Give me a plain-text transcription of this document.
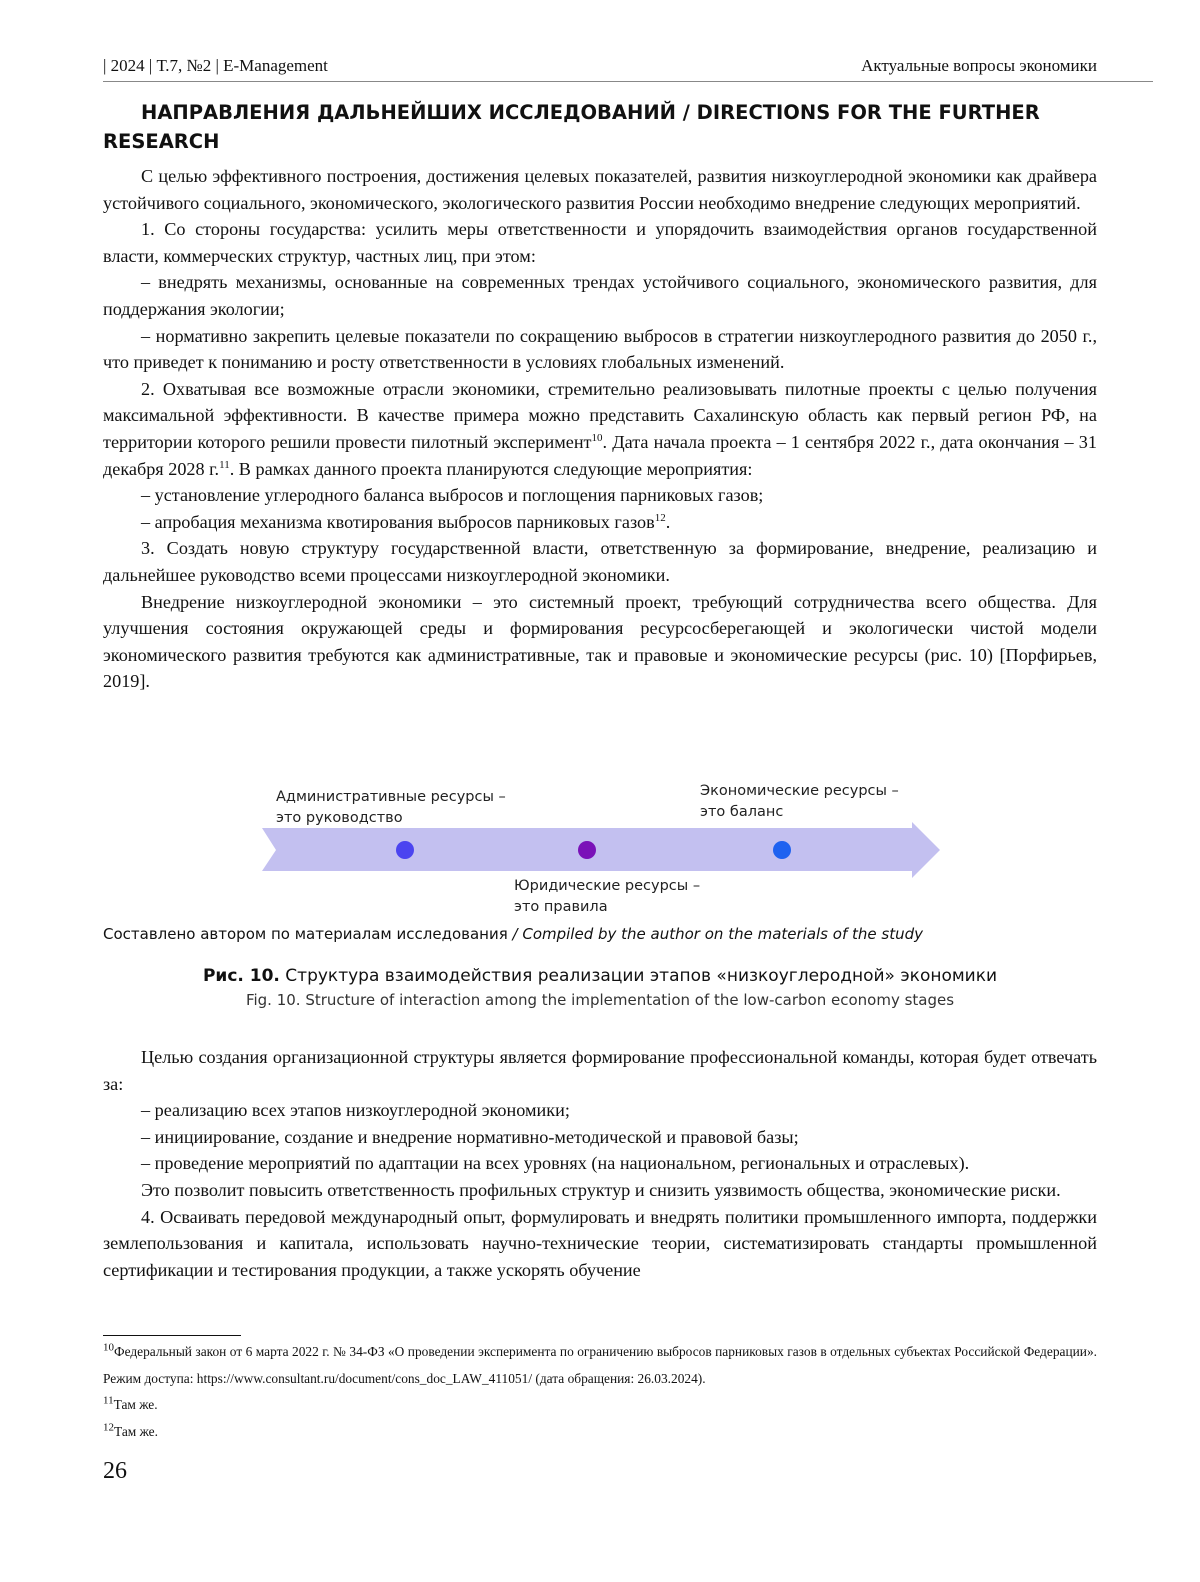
| 2024 | Т.7, №2 | E-Management	Актуальные вопросы экономики
НАПРАВЛЕНИЯ ДАЛЬНЕЙШИХ ИССЛЕДОВАНИЙ / DIRECTIONS FOR THE FURTHER RESEARCH

С целью эффективного построения, достижения целевых показателей, развития низкоуглеродной экономики как драйвера устойчивого социального, экономического, экологического развития России необходимо внедрение следующих мероприятий.

1. Со стороны государства: усилить меры ответственности и упорядочить взаимодействия органов государственной власти, коммерческих структур, частных лиц, при этом:

– внедрять механизмы, основанные на современных трендах устойчивого социального, экономического развития, для поддержания экологии;

– нормативно закрепить целевые показатели по сокращению выбросов в стратегии низкоуглеродного развития до 2050 г., что приведет к пониманию и росту ответственности в условиях глобальных изменений.

2. Охватывая все возможные отрасли экономики, стремительно реализовывать пилотные проекты с целью получения максимальной эффективности. В качестве примера можно представить Сахалинскую область как первый регион РФ, на территории которого решили провести пилотный эксперимент10. Дата начала проекта – 1 сентября 2022 г., дата окончания – 31 декабря 2028 г.11. В рамках данного проекта планируются следующие мероприятия:

– установление углеродного баланса выбросов и поглощения парниковых газов;

– апробация механизма квотирования выбросов парниковых газов12.

3. Создать новую структуру государственной власти, ответственную за формирование, внедрение, реализацию и дальнейшее руководство всеми процессами низкоуглеродной экономики.

Внедрение низкоуглеродной экономики – это системный проект, требующий сотрудничества всего общества. Для улучшения состояния окружающей среды и формирования ресурсосберегающей и экологически чистой модели экономического развития требуются как административные, так и правовые и экономические ресурсы (рис. 10) [Порфирьев, 2019].

Административные ресурсы –
это руководство
Экономические ресурсы –
это баланс
Юридические ресурсы –
это правила
Составлено автором по материалам исследования / Compiled by the author on the materials of the study
Рис. 10. Структура взаимодействия реализации этапов «низкоуглеродной» экономики
Fig. 10. Structure of interaction among the implementation of the low-carbon economy stages

Целью создания организационной структуры является формирование профессиональной команды, которая будет отвечать за:

– реализацию всех этапов низкоуглеродной экономики;

– инициирование, создание и внедрение нормативно-методической и правовой базы;

– проведение мероприятий по адаптации на всех уровнях (на национальном, региональных и отраслевых).

Это позволит повысить ответственность профильных структур и снизить уязвимость общества, экономические риски.

4. Осваивать передовой международный опыт, формулировать и внедрять политики промышленного импорта, поддержки землепользования и капитала, использовать научно-технические теории, систематизировать стандарты промышленной сертификации и тестирования продукции, а также ускорять обучение

10Федеральный закон от 6 марта 2022 г. № 34-ФЗ «О проведении эксперимента по ограничению выбросов парниковых газов в отдельных субъектах Российской Федерации». Режим доступа: https://www.consultant.ru/document/cons_doc_LAW_411051/ (дата обращения: 26.03.2024).

11Там же.

12Там же.

26
